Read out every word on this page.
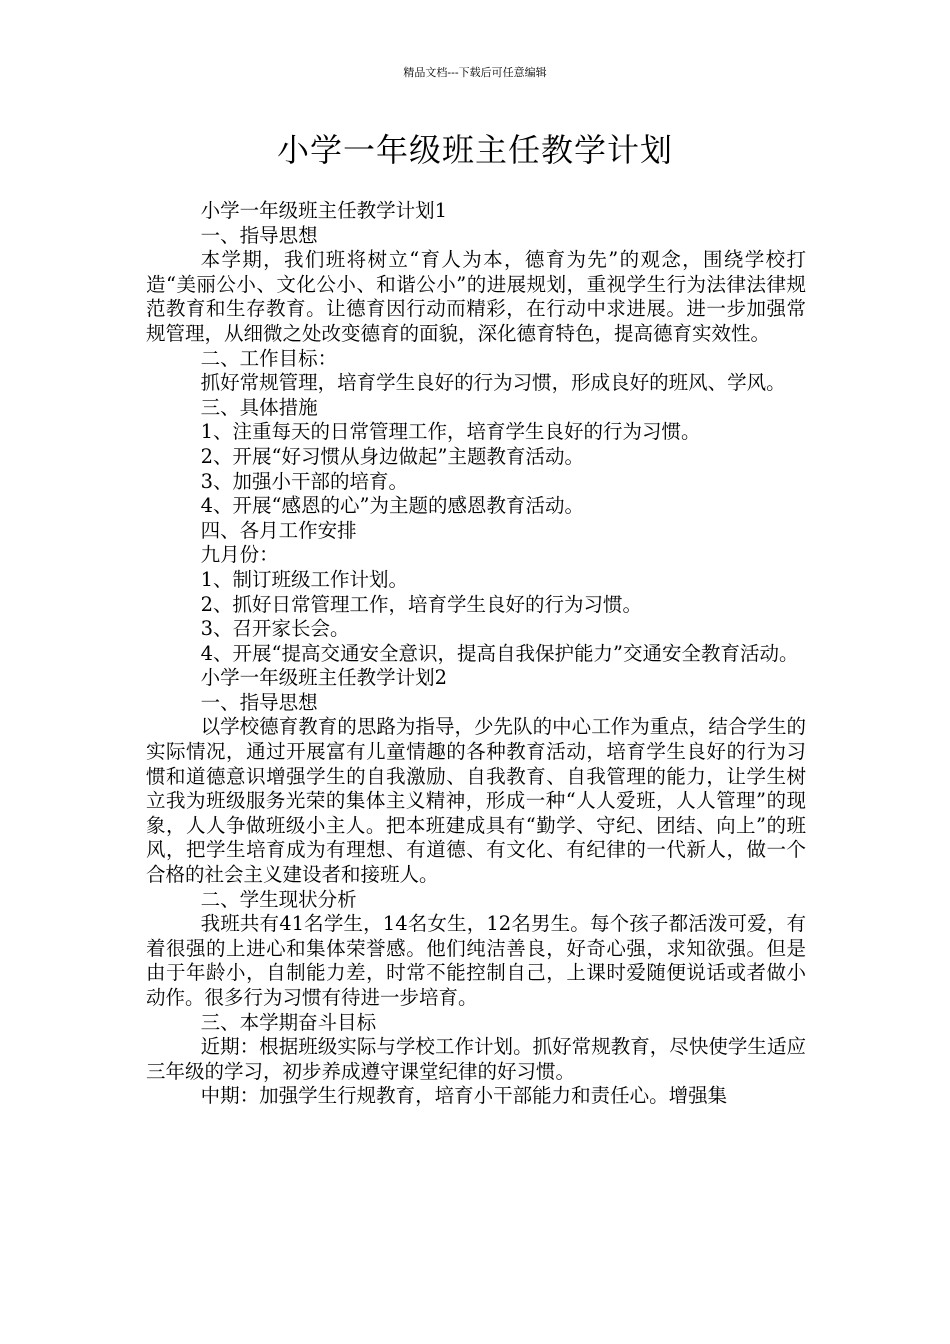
精品文档---下载后可任意编辑
小学一年级班主任教学计划

小学一年级班主任教学计划1

一、指导思想

本学期，我们班将树立“育人为本，德育为先”的观念，围绕学校打造“美丽公小、文化公小、和谐公小”的进展规划，重视学生行为法律法律规范教育和生存教育。让德育因行动而精彩，在行动中求进展。进一步加强常规管理，从细微之处改变德育的面貌，深化德育特色，提高德育实效性。

二、工作目标：

抓好常规管理，培育学生良好的行为习惯，形成良好的班风、学风。

三、具体措施

1、注重每天的日常管理工作，培育学生良好的行为习惯。

2、开展“好习惯从身边做起”主题教育活动。

3、加强小干部的培育。

4、开展“感恩的心”为主题的感恩教育活动。

四、各月工作安排

九月份：

1、制订班级工作计划。

2、抓好日常管理工作，培育学生良好的行为习惯。

3、召开家长会。

4、开展“提高交通安全意识，提高自我保护能力”交通安全教育活动。

小学一年级班主任教学计划2

一、指导思想

以学校德育教育的思路为指导，少先队的中心工作为重点，结合学生的实际情况，通过开展富有儿童情趣的各种教育活动，培育学生良好的行为习惯和道德意识增强学生的自我激励、自我教育、自我管理的能力，让学生树立我为班级服务光荣的集体主义精神，形成一种“人人爱班，人人管理”的现象，人人争做班级小主人。把本班建成具有“勤学、守纪、团结、向上”的班风，把学生培育成为有理想、有道德、有文化、有纪律的一代新人，做一个合格的社会主义建设者和接班人。

二、学生现状分析

我班共有41名学生，14名女生，12名男生。每个孩子都活泼可爱，有着很强的上进心和集体荣誉感。他们纯洁善良，好奇心强，求知欲强。但是由于年龄小，自制能力差，时常不能控制自己，上课时爱随便说话或者做小动作。很多行为习惯有待进一步培育。

三、本学期奋斗目标

近期：根据班级实际与学校工作计划。抓好常规教育，尽快使学生适应三年级的学习，初步养成遵守课堂纪律的好习惯。

中期：加强学生行规教育，培育小干部能力和责任心。增强集
